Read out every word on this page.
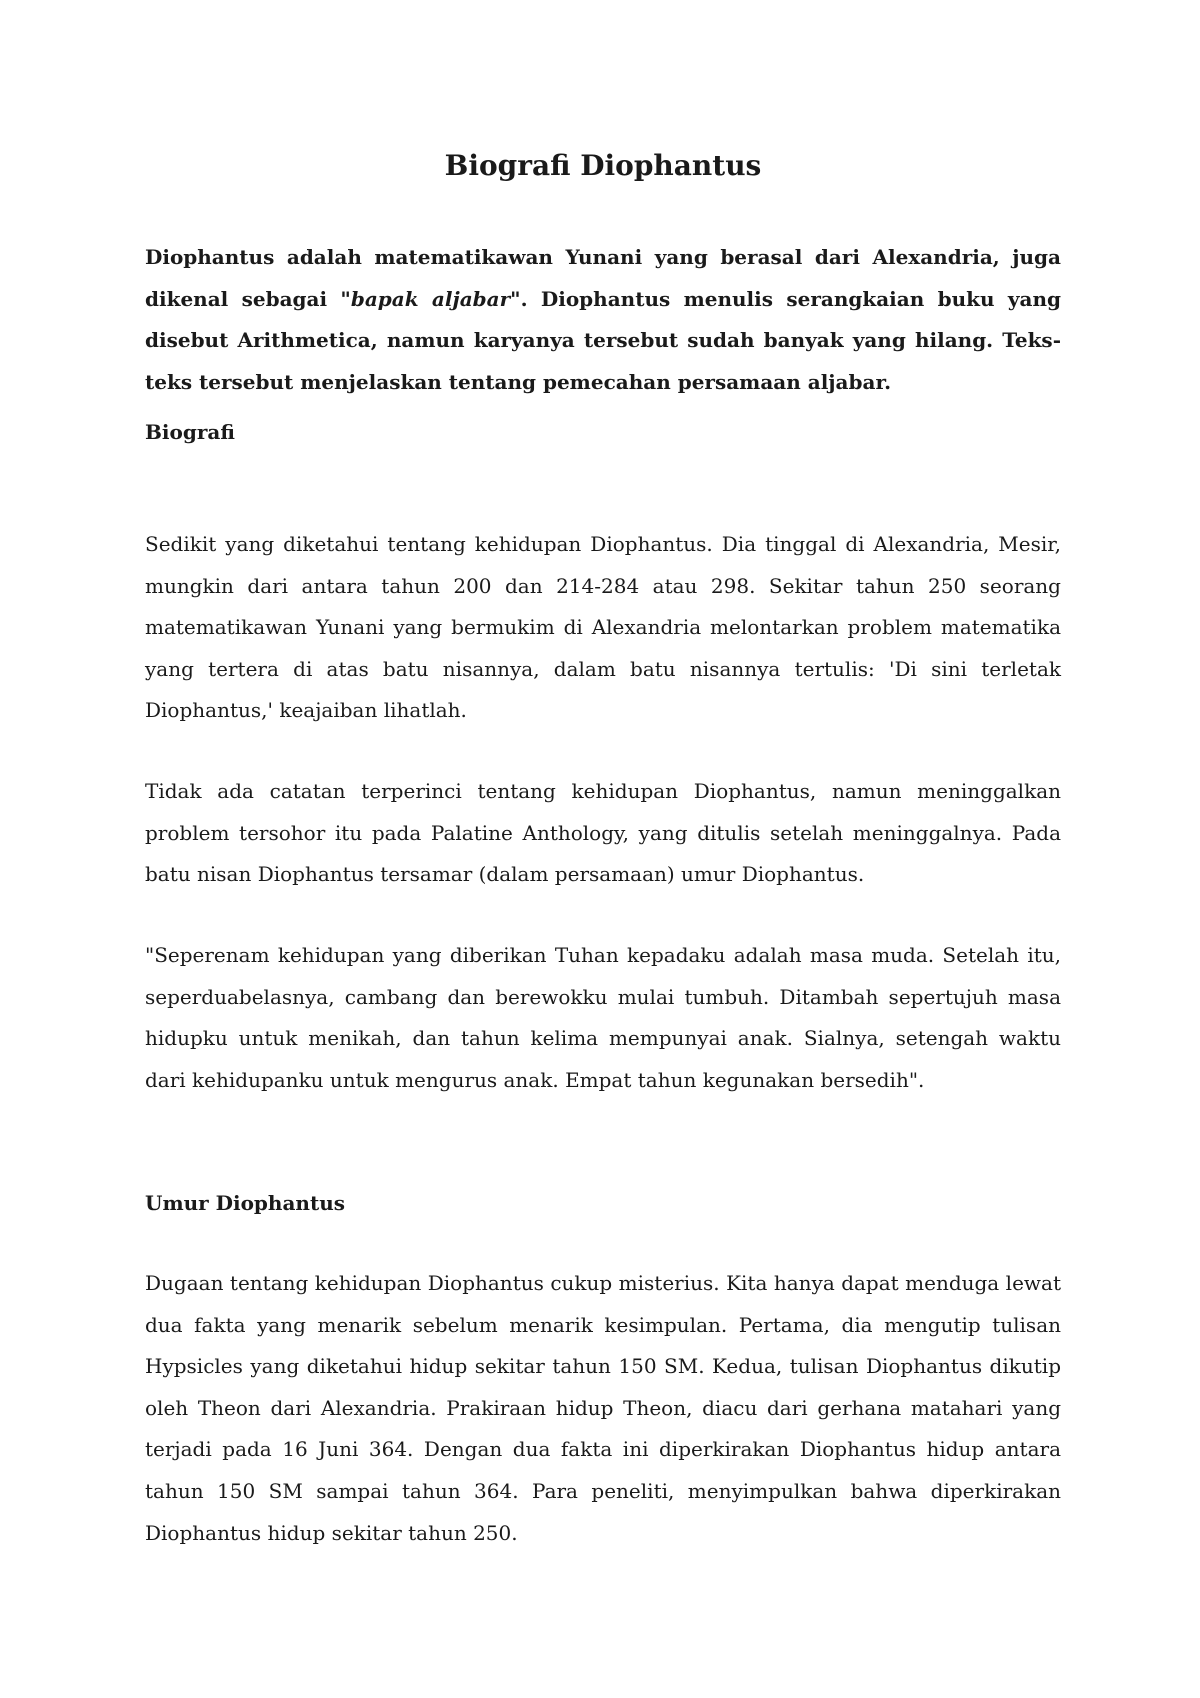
Biografi Diophantus

Diophantus adalah matematikawan Yunani yang berasal dari Alexandria, juga dikenal sebagai "bapak aljabar". Diophantus menulis serangkaian buku yang disebut Arithmetica, namun karyanya tersebut sudah banyak yang hilang. Teks-teks tersebut menjelaskan tentang pemecahan persamaan aljabar.

Biografi

Sedikit yang diketahui tentang kehidupan Diophantus. Dia tinggal di Alexandria, Mesir, mungkin dari antara tahun 200 dan 214-284 atau 298. Sekitar tahun 250 seorang matematikawan Yunani yang bermukim di Alexandria melontarkan problem matematika yang tertera di atas batu nisannya, dalam batu nisannya tertulis: 'Di sini terletak Diophantus,' keajaiban lihatlah.

Tidak ada catatan terperinci tentang kehidupan Diophantus, namun meninggalkan problem tersohor itu pada Palatine Anthology, yang ditulis setelah meninggalnya. Pada batu nisan Diophantus tersamar (dalam persamaan) umur Diophantus.

"Seperenam kehidupan yang diberikan Tuhan kepadaku adalah masa muda. Setelah itu, seperduabelasnya, cambang dan berewokku mulai tumbuh. Ditambah sepertujuh masa hidupku untuk menikah, dan tahun kelima mempunyai anak. Sialnya, setengah waktu dari kehidupanku untuk mengurus anak. Empat tahun kegunakan bersedih".

Umur Diophantus

Dugaan tentang kehidupan Diophantus cukup misterius. Kita hanya dapat menduga lewat dua fakta yang menarik sebelum menarik kesimpulan. Pertama, dia mengutip tulisan Hypsicles yang diketahui hidup sekitar tahun 150 SM. Kedua, tulisan Diophantus dikutip oleh Theon dari Alexandria. Prakiraan hidup Theon, diacu dari gerhana matahari yang terjadi pada 16 Juni 364. Dengan dua fakta ini diperkirakan Diophantus hidup antara tahun 150 SM sampai tahun 364. Para peneliti, menyimpulkan bahwa diperkirakan Diophantus hidup sekitar tahun 250.
